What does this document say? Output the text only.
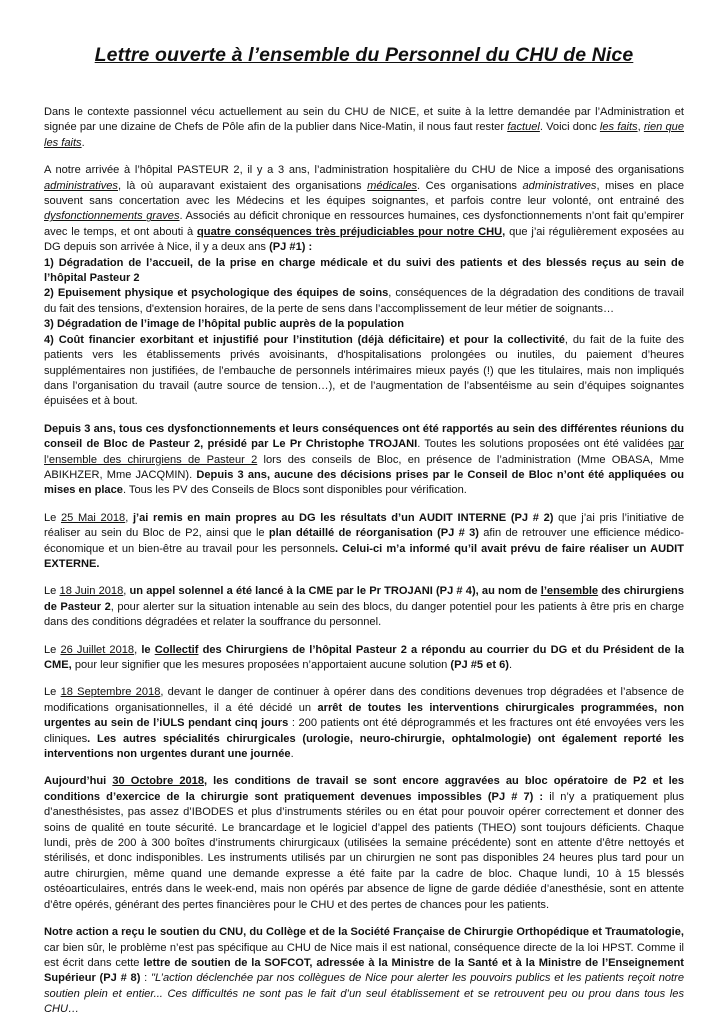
Lettre ouverte à l’ensemble du Personnel du CHU de Nice

Dans le contexte passionnel vécu actuellement au sein du CHU de NICE, et suite à la lettre demandée par l’Administration et signée par une dizaine de Chefs de Pôle afin de la publier dans Nice-Matin, il nous faut rester factuel. Voici donc les faits, rien que les faits.

A notre arrivée à l’hôpital PASTEUR 2, il y a 3 ans, l’administration hospitalière du CHU de Nice a imposé des organisations administratives, là où auparavant existaient des organisations médicales. Ces organisations administratives, mises en place souvent sans concertation avec les Médecins et les équipes soignantes, et parfois contre leur volonté, ont entrainé des dysfonctionnements graves. Associés au déficit chronique en ressources humaines, ces dysfonctionnements n’ont fait qu’empirer avec le temps, et ont abouti à quatre conséquences très préjudiciables pour notre CHU, que j’ai régulièrement exposées au DG depuis son arrivée à Nice, il y a deux ans (PJ #1) :

1) Dégradation de l’accueil, de la prise en charge médicale et du suivi des patients et des blessés reçus au sein de l’hôpital Pasteur 2
2) Epuisement physique et psychologique des équipes de soins, conséquences de la dégradation des conditions de travail du fait des tensions, d'extension horaires, de la perte de sens dans l’accomplissement de leur métier de soignants…
3) Dégradation de l’image de l’hôpital public auprès de la population
4) Coût financier exorbitant et injustifié pour l’institution (déjà déficitaire) et pour la collectivité, du fait de la fuite des patients vers les établissements privés avoisinants, d'hospitalisations prolongées ou inutiles, du paiement d’heures supplémentaires non justifiées, de l’embauche de personnels intérimaires mieux payés (!) que les titulaires, mais non impliqués dans l’organisation du travail (autre source de tension…), et de l’augmentation de l’absentéisme au sein d’équipes soignantes épuisées et à bout.

Depuis 3 ans, tous ces dysfonctionnements et leurs conséquences ont été rapportés au sein des différentes réunions du conseil de Bloc de Pasteur 2, présidé par Le Pr Christophe TROJANI. Toutes les solutions proposées ont été validées par l’ensemble des chirurgiens de Pasteur 2 lors des conseils de Bloc, en présence de l’administration (Mme OBASA, Mme ABIKHZER, Mme JACQMIN). Depuis 3 ans, aucune des décisions prises par le Conseil de Bloc n’ont été appliquées ou mises en place. Tous les PV des Conseils de Blocs sont disponibles pour vérification.

Le 25 Mai 2018, j’ai remis en main propres au DG les résultats d’un AUDIT INTERNE (PJ # 2) que j’ai pris l’initiative de réaliser au sein du Bloc de P2, ainsi que le plan détaillé de réorganisation (PJ # 3) afin de retrouver une efficience médico-économique et un bien-être au travail pour les personnels. Celui-ci m’a informé qu’il avait prévu de faire réaliser un AUDIT EXTERNE.

Le 18 Juin 2018, un appel solennel a été lancé à la CME par le Pr TROJANI (PJ # 4), au nom de l’ensemble des chirurgiens de Pasteur 2, pour alerter sur la situation intenable au sein des blocs, du danger potentiel pour les patients à être pris en charge dans des conditions dégradées et relater la souffrance du personnel.

Le 26 Juillet 2018, le Collectif des Chirurgiens de l’hôpital Pasteur 2 a répondu au courrier du DG et du Président de la CME, pour leur signifier que les mesures proposées n’apportaient aucune solution (PJ #5 et 6).

Le 18 Septembre 2018, devant le danger de continuer à opérer dans des conditions devenues trop dégradées et l’absence de modifications organisationnelles, il a été décidé un arrêt de toutes les interventions chirurgicales programmées, non urgentes au sein de l’iULS pendant cinq jours : 200 patients ont été déprogrammés et les fractures ont été envoyées vers les cliniques. Les autres spécialités chirurgicales (urologie, neuro-chirurgie, ophtalmologie) ont également reporté les interventions non urgentes durant une journée.

Aujourd’hui 30 Octobre 2018, les conditions de travail se sont encore aggravées au bloc opératoire de P2 et les conditions d’exercice de la chirurgie sont pratiquement devenues impossibles (PJ # 7) : il n’y a pratiquement plus d’anesthésistes, pas assez d’IBODES et plus d’instruments stériles ou en état pour pouvoir opérer correctement et donner des soins de qualité en toute sécurité. Le brancardage et le logiciel d’appel des patients (THEO) sont toujours déficients. Chaque lundi, près de 200 à 300 boîtes d’instruments chirurgicaux (utilisées la semaine précédente) sont en attente d’être nettoyés et stérilisés, et donc indisponibles. Les instruments utilisés par un chirurgien ne sont pas disponibles 24 heures plus tard pour un autre chirurgien, même quand une demande expresse a été faite par la cadre de bloc. Chaque lundi, 10 à 15 blessés ostéoarticulaires, entrés dans le week-end, mais non opérés par absence de ligne de garde dédiée d’anesthésie, sont en attente d’être opérés, générant des pertes financières pour le CHU et des pertes de chances pour les patients.

Notre action a reçu le soutien du CNU, du Collège et de la Société Française de Chirurgie Orthopédique et Traumatologie, car bien sûr, le problème n’est pas spécifique au CHU de Nice mais il est national, conséquence directe de la loi HPST. Comme il est écrit dans cette lettre de soutien de la SOFCOT, adressée à la Ministre de la Santé et à la Ministre de l’Enseignement Supérieur (PJ # 8) : "L’action déclenchée par nos collègues de Nice pour alerter les pouvoirs publics et les patients reçoit notre soutien plein et entier... Ces difficultés ne sont pas le fait d’un seul établissement et se retrouvent peu ou prou dans tous les CHU…
